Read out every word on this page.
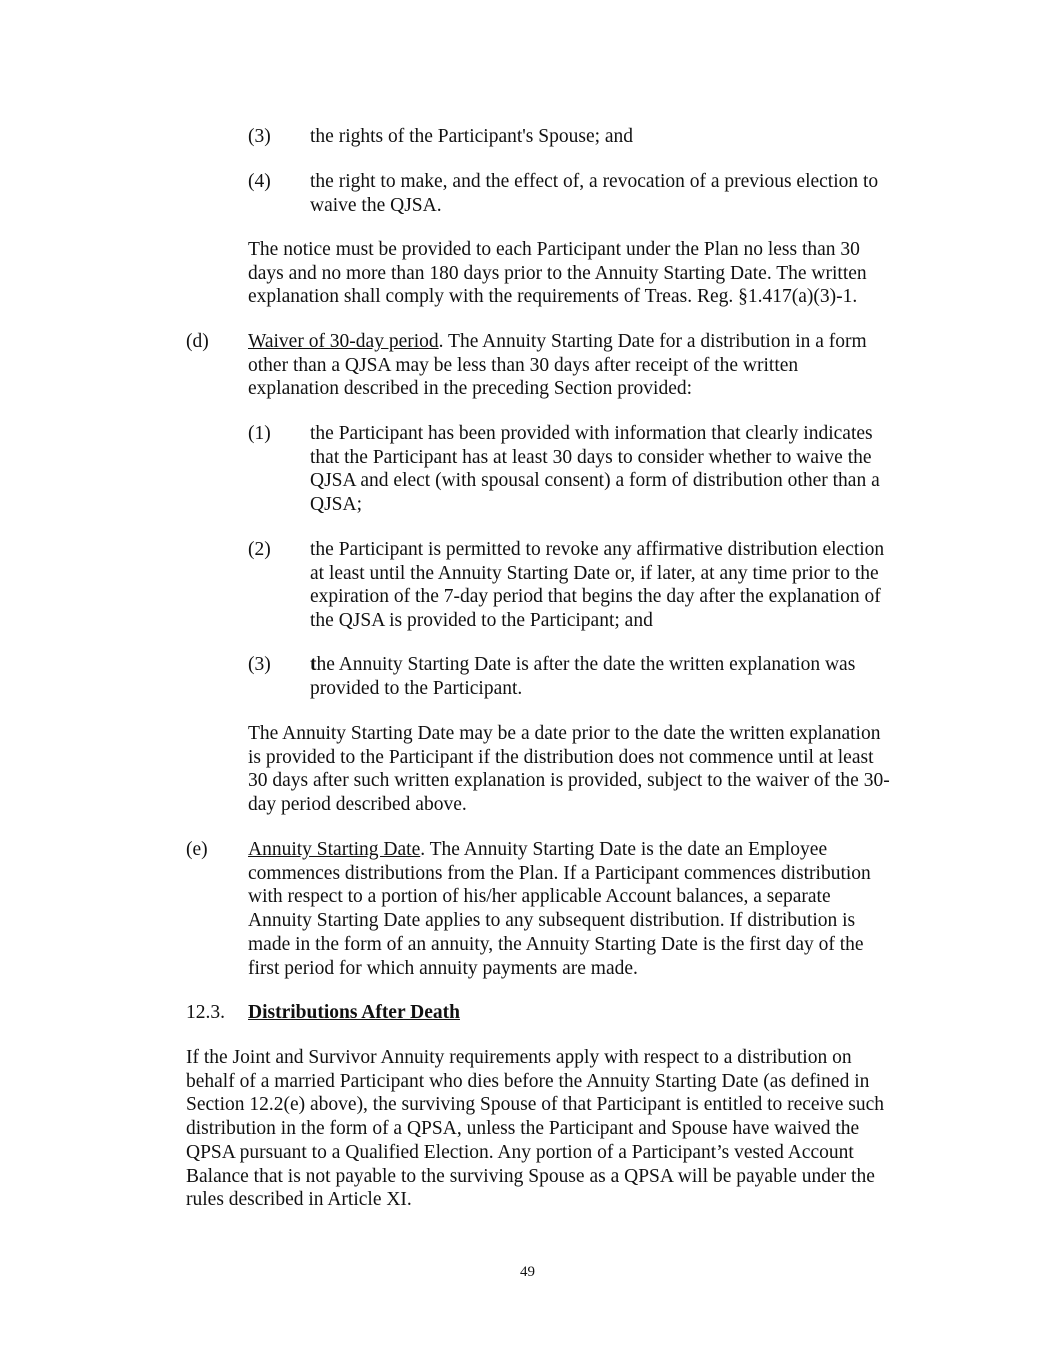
(3) the rights of the Participant's Spouse; and
(4) the right to make, and the effect of, a revocation of a previous election to
waive the QJSA.
The notice must be provided to each Participant under the Plan no less than 30
days and no more than 180 days prior to the Annuity Starting Date. The written
explanation shall comply with the requirements of Treas. Reg. §1.417(a)(3)-1.
(d) Waiver of 30-day period. The Annuity Starting Date for a distribution in a form
other than a QJSA may be less than 30 days after receipt of the written
explanation described in the preceding Section provided:
(1) the Participant has been provided with information that clearly indicates
that the Participant has at least 30 days to consider whether to waive the
QJSA and elect (with spousal consent) a form of distribution other than a
QJSA;
(2) the Participant is permitted to revoke any affirmative distribution election
at least until the Annuity Starting Date or, if later, at any time prior to the
expiration of the 7-day period that begins the day after the explanation of
the QJSA is provided to the Participant; and
(3) the Annuity Starting Date is after the date the written explanation was
provided to the Participant.
The Annuity Starting Date may be a date prior to the date the written explanation
is provided to the Participant if the distribution does not commence until at least
30 days after such written explanation is provided, subject to the waiver of the 30-
day period described above.
(e) Annuity Starting Date. The Annuity Starting Date is the date an Employee
commences distributions from the Plan. If a Participant commences distribution
with respect to a portion of his/her applicable Account balances, a separate
Annuity Starting Date applies to any subsequent distribution. If distribution is
made in the form of an annuity, the Annuity Starting Date is the first day of the
first period for which annuity payments are made.
12.3. Distributions After Death
If the Joint and Survivor Annuity requirements apply with respect to a distribution on
behalf of a married Participant who dies before the Annuity Starting Date (as defined in
Section 12.2(e) above), the surviving Spouse of that Participant is entitled to receive such
distribution in the form of a QPSA, unless the Participant and Spouse have waived the
QPSA pursuant to a Qualified Election. Any portion of a Participant’s vested Account
Balance that is not payable to the surviving Spouse as a QPSA will be payable under the
rules described in Article XI.
49
